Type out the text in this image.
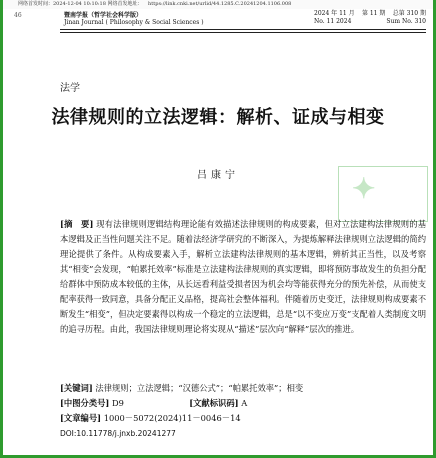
网络首发时间：2024-12-04 10:10:18 网络首发地址： https://link.cnki.net/urlid/44.1285.C.20241204.1106.008
46	暨南学报（哲学社会科学版）
Jinan Journal ( Philosophy & Social Sciences )
2024 年 11 月 第 11 期 总第 310 期
No. 11 2024	Sum No. 310
法学
法律规则的立法逻辑：解析、证成与相变
吕康宁	✦
[摘　要] 现有法律规则逻辑结构理论能有效描述法律规则的构成要素，但对立法建构法律规则的基本逻辑及正当性问题关注不足。随着法经济学研究的不断深入，为提炼解释法律规则立法逻辑的简约理论提供了条件。从构成要素入手，解析立法建构法律规则的基本逻辑，辨析其正当性，以及考察其“相变”会发现，“帕累托效率”标准是立法建构法律规则的真实逻辑，即将预防事故发生的负担分配给群体中预防成本较低的主体，从长远看利益受损者因为机会均等能获得充分的预先补偿，从而使支配率获得一致同意，具备分配正义品格，提高社会整体福利。伴随着历史变迁，法律规则构成要素不断发生“相变”，但决定要素得以构成一个稳定的立法逻辑，总是“以不变应万变”支配着人类制度文明的追寻历程。由此，我国法律规则理论将实现从“描述”层次向“解释”层次的推进。
[关键词] 法律规则；立法逻辑；“汉德公式”；“帕累托效率”；相变
[中图分类号] D9	[文献标识码] A
[文章编号] 1000－5072(2024)11－0046－14
DOI:10.11778/j.jnxb.20241277
